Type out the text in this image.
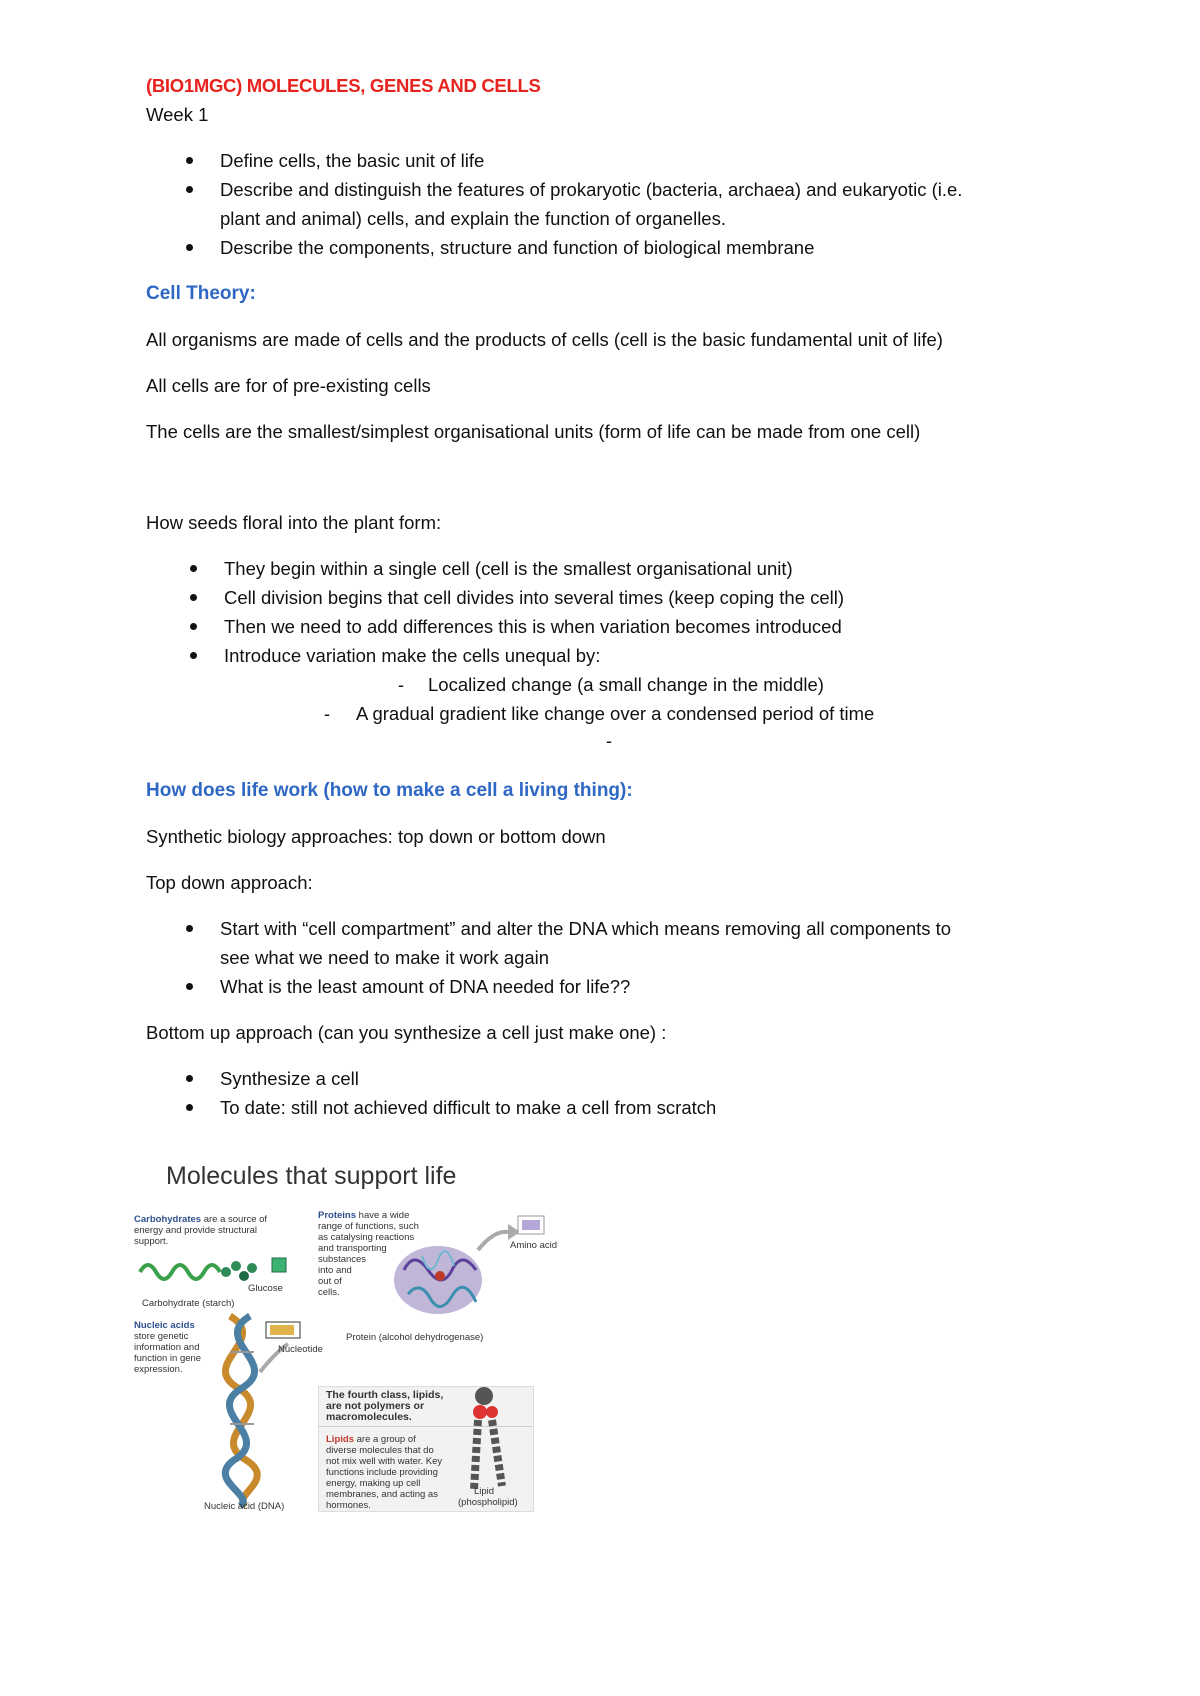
(BIO1MGC) MOLECULES, GENES AND CELLS
Week 1
Define cells, the basic unit of life
Describe and distinguish the features of prokaryotic (bacteria, archaea) and eukaryotic (i.e.
plant and animal) cells, and explain the function of organelles.
Describe the components, structure and function of biological membrane
Cell Theory:
All organisms are made of cells and the products of cells (cell is the basic fundamental unit of life)
All cells are for of pre-existing cells
The cells are the smallest/simplest organisational units (form of life can be made from one cell)
How seeds floral into the plant form:
They begin within a single cell (cell is the smallest organisational unit)
Cell division begins that cell divides into several times (keep coping the cell)
Then we need to add differences this is when variation becomes introduced
Introduce variation make the cells unequal by:
- Localized change (a small change in the middle)
- A gradual gradient like change over a condensed period of time
-
How does life work (how to make a cell a living thing):
Synthetic biology approaches: top down or bottom down
Top down approach:
Start with “cell compartment” and alter the DNA which means removing all components to
see what we need to make it work again
What is the least amount of DNA needed for life??
Bottom up approach (can you synthesize a cell just make one) :
Synthesize a cell
To date: still not achieved difficult to make a cell from scratch
Molecules that support life
Carbohydrates are a source of
energy and provide structural
support.
Glucose
Carbohydrate (starch)
Proteins have a wide
range of functions, such
as catalysing reactions
and transporting
substances
into and
out of
cells.
Amino acid
Protein (alcohol dehydrogenase)
Nucleic acids
store genetic
information and
function in gene
expression.
Nucleotide
Nucleic acid (DNA)
The fourth class, lipids,
are not polymers or
macromolecules.
Lipids are a group of
diverse molecules that do
not mix well with water. Key
functions include providing
energy, making up cell
membranes, and acting as
hormones.
Lipid
(phospholipid)
